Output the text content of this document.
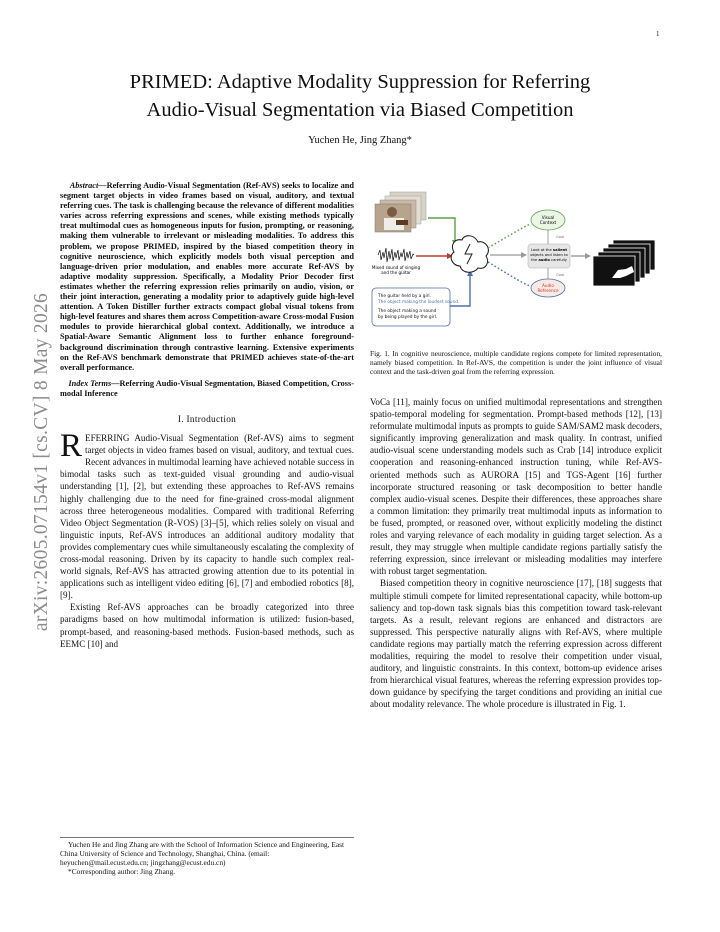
1
arXiv:2605.07154v1 [cs.CV] 8 May 2026
PRIMED: Adaptive Modality Suppression for Referring
Audio-Visual Segmentation via Biased Competition
Yuchen He, Jing Zhang*
Abstract—Referring Audio-Visual Segmentation (Ref-AVS) seeks to localize and segment target objects in video frames based on visual, auditory, and textual referring cues. The task is challenging because the relevance of different modalities varies across referring expressions and scenes, while existing methods typically treat multimodal cues as homogeneous inputs for fusion, prompting, or reasoning, making them vulnerable to irrelevant or misleading modalities. To address this problem, we propose PRIMED, inspired by the biased competition theory in cognitive neuroscience, which explicitly models both visual perception and language-driven prior modulation, and enables more accurate Ref-AVS by adaptive modality suppression. Specifically, a Modality Prior Decoder first estimates whether the referring expression relies primarily on audio, vision, or their joint interaction, generating a modality prior to adaptively guide high-level attention. A Token Distiller further extracts compact global visual tokens from high-level features and shares them across Competition-aware Cross-modal Fusion modules to provide hierarchical global context. Additionally, we introduce a Spatial-Aware Semantic Alignment loss to further enhance foreground-background discrimination through contrastive learning. Extensive experiments on the Ref-AVS benchmark demonstrate that PRIMED achieves state-of-the-art overall performance.
Index Terms—Referring Audio-Visual Segmentation, Biased Competition, Cross-modal Inference
I. Introduction

REFERRING Audio-Visual Segmentation (Ref-AVS) aims to segment target objects in video frames based on visual, auditory, and textual cues. Recent advances in multimodal learning have achieved notable success in bimodal tasks such as text-guided visual grounding and audio-visual understanding [1], [2], but extending these approaches to Ref-AVS remains highly challenging due to the need for fine-grained cross-modal alignment across three heterogeneous modalities. Compared with traditional Referring Video Object Segmentation (R-VOS) [3]–[5], which relies solely on visual and linguistic inputs, Ref-AVS introduces an additional auditory modality that provides complementary cues while simultaneously escalating the complexity of cross-modal reasoning. Driven by its capacity to handle such complex real-world signals, Ref-AVS has attracted growing attention due to its potential in applications such as intelligent video editing [6], [7] and embodied robotics [8], [9].

Existing Ref-AVS approaches can be broadly categorized into three paradigms based on how multimodal information is utilized: fusion-based, prompt-based, and reasoning-based methods. Fusion-based methods, such as EEMC [10] and

Yuchen He and Jing Zhang are with the School of Information Science and Engineering, East China University of Science and Technology, Shanghai, China. (email: heyuchen@mail.ecust.edu.cn; jingzhang@ecust.edu.cn)
*Corresponding author: Jing Zhang.
Mixed sound of singing
and the guitar
The guitar held by a girl.
The object making the loudest sound.
The object making a sound
by being played by the girl.
Visual
Context
Goal
Look at the salient
objects and listen to
the audio carefully
Goal
Audio
Reference
Fig. 1. In cognitive neuroscience, multiple candidate regions compete for limited representation, namely biased competition. In Ref-AVS, the competition is under the joint influence of visual context and the task-driven goal from the referring expression.

VoCa [11], mainly focus on unified multimodal representations and strengthen spatio-temporal modeling for segmentation. Prompt-based methods [12], [13] reformulate multimodal inputs as prompts to guide SAM/SAM2 mask decoders, significantly improving generalization and mask quality. In contrast, unified audio-visual scene understanding models such as Crab [14] introduce explicit cooperation and reasoning-enhanced instruction tuning, while Ref-AVS-oriented methods such as AURORA [15] and TGS-Agent [16] further incorporate structured reasoning or task decomposition to better handle complex audio-visual scenes. Despite their differences, these approaches share a common limitation: they primarily treat multimodal inputs as information to be fused, prompted, or reasoned over, without explicitly modeling the distinct roles and varying relevance of each modality in guiding target selection. As a result, they may struggle when multiple candidate regions partially satisfy the referring expression, since irrelevant or misleading modalities may interfere with robust target segmentation.

Biased competition theory in cognitive neuroscience [17], [18] suggests that multiple stimuli compete for limited representational capacity, while bottom-up saliency and top-down task signals bias this competition toward task-relevant targets. As a result, relevant regions are enhanced and distractors are suppressed. This perspective naturally aligns with Ref-AVS, where multiple candidate regions may partially match the referring expression across different modalities, requiring the model to resolve their competition under visual, auditory, and linguistic constraints. In this context, bottom-up evidence arises from hierarchical visual features, whereas the referring expression provides top-down guidance by specifying the target conditions and providing an initial cue about modality relevance. The whole procedure is illustrated in Fig. 1.
